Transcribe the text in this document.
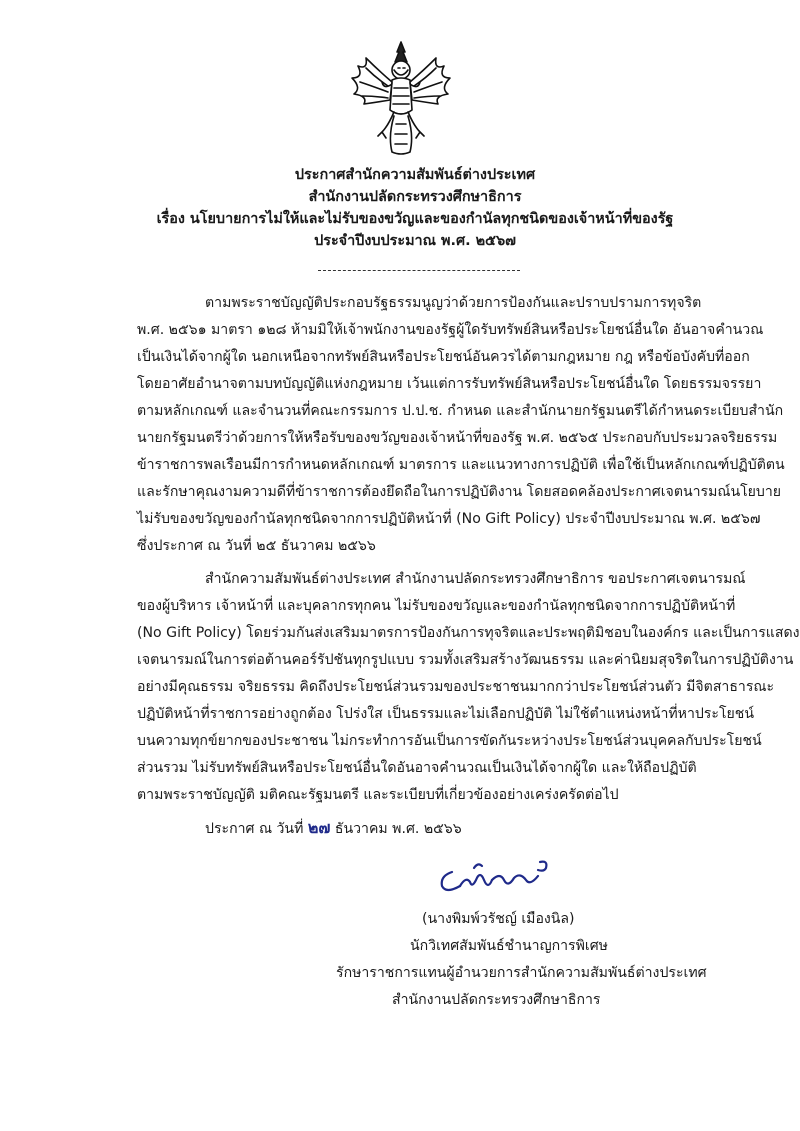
ประกาศสำนักความสัมพันธ์ต่างประเทศ
สำนักงานปลัดกระทรวงศึกษาธิการ
เรื่อง นโยบายการไม่ให้และไม่รับของขวัญและของกำนัลทุกชนิดของเจ้าหน้าที่ของรัฐ
ประจำปีงบประมาณ พ.ศ. ๒๕๖๗
ตามพระราชบัญญัติประกอบรัฐธรรมนูญว่าด้วยการป้องกันและปราบปรามการทุจริต
พ.ศ. ๒๕๖๑ มาตรา ๑๒๘ ห้ามมิให้เจ้าพนักงานของรัฐผู้ใดรับทรัพย์สินหรือประโยชน์อื่นใด อันอาจคำนวณ
เป็นเงินได้จากผู้ใด นอกเหนือจากทรัพย์สินหรือประโยชน์อันควรได้ตามกฎหมาย กฎ หรือข้อบังคับที่ออก
โดยอาศัยอำนาจตามบทบัญญัติแห่งกฎหมาย เว้นแต่การรับทรัพย์สินหรือประโยชน์อื่นใด โดยธรรมจรรยา
ตามหลักเกณฑ์ และจำนวนที่คณะกรรมการ ป.ป.ช. กำหนด และสำนักนายกรัฐมนตรีได้กำหนดระเบียบสำนัก
นายกรัฐมนตรีว่าด้วยการให้หรือรับของขวัญของเจ้าหน้าที่ของรัฐ พ.ศ. ๒๕๖๕ ประกอบกับประมวลจริยธรรม
ข้าราชการพลเรือนมีการกำหนดหลักเกณฑ์ มาตรการ และแนวทางการปฏิบัติ เพื่อใช้เป็นหลักเกณฑ์ปฏิบัติตน
และรักษาคุณงามความดีที่ข้าราชการต้องยึดถือในการปฏิบัติงาน โดยสอดคล้องประกาศเจตนารมณ์นโยบาย
ไม่รับของขวัญของกำนัลทุกชนิดจากการปฏิบัติหน้าที่ (No Gift Policy) ประจำปีงบประมาณ พ.ศ. ๒๕๖๗
ซึ่งประกาศ ณ วันที่ ๒๕ ธันวาคม ๒๕๖๖
สำนักความสัมพันธ์ต่างประเทศ สำนักงานปลัดกระทรวงศึกษาธิการ ขอประกาศเจตนารมณ์
ของผู้บริหาร เจ้าหน้าที่ และบุคลากรทุกคน ไม่รับของขวัญและของกำนัลทุกชนิดจากการปฏิบัติหน้าที่
(No Gift Policy) โดยร่วมกันส่งเสริมมาตรการป้องกันการทุจริตและประพฤติมิชอบในองค์กร และเป็นการแสดง
เจตนารมณ์ในการต่อต้านคอร์รัปชันทุกรูปแบบ รวมทั้งเสริมสร้างวัฒนธรรม และค่านิยมสุจริตในการปฏิบัติงาน
อย่างมีคุณธรรม จริยธรรม คิดถึงประโยชน์ส่วนรวมของประชาชนมากกว่าประโยชน์ส่วนตัว มีจิตสาธารณะ
ปฏิบัติหน้าที่ราชการอย่างถูกต้อง โปร่งใส เป็นธรรมและไม่เลือกปฏิบัติ ไม่ใช้ตำแหน่งหน้าที่หาประโยชน์
บนความทุกข์ยากของประชาชน ไม่กระทำการอันเป็นการขัดกันระหว่างประโยชน์ส่วนบุคคลกับประโยชน์
ส่วนรวม ไม่รับทรัพย์สินหรือประโยชน์อื่นใดอันอาจคำนวณเป็นเงินได้จากผู้ใด และให้ถือปฏิบัติ
ตามพระราชบัญญัติ มติคณะรัฐมนตรี และระเบียบที่เกี่ยวข้องอย่างเคร่งครัดต่อไป
ประกาศ ณ วันที่ ๒๗ ธันวาคม พ.ศ. ๒๕๖๖
(นางพิมพ์วรัชญ์ เมืองนิล)
นักวิเทศสัมพันธ์ชำนาญการพิเศษ
รักษาราชการแทนผู้อำนวยการสำนักความสัมพันธ์ต่างประเทศ
สำนักงานปลัดกระทรวงศึกษาธิการ
